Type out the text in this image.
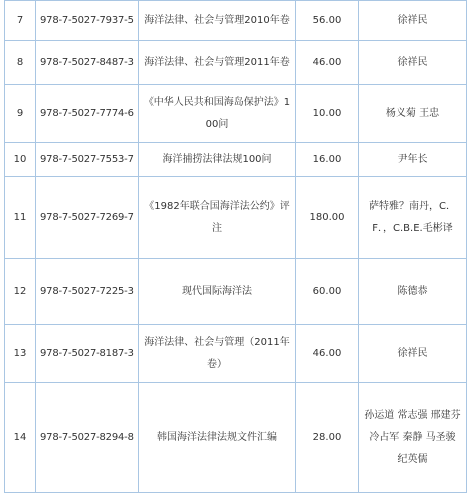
7	978-7-5027-7937-5	海洋法律、社会与管理2010年卷	56.00	徐祥民
8	978-7-5027-8487-3	海洋法律、社会与管理2011年卷	46.00	徐祥民
9	978-7-5027-7774-6	《中华人民共和国海岛保护法》100问	10.00	杨义菊 王忠
10	978-7-5027-7553-7	海洋捕捞法律法规100问	16.00	尹年长
11	978-7-5027-7269-7	《1982年联合国海洋法公约》评注	180.00	萨特雅？南丹，C．F．，C.B.E.毛彬译
12	978-7-5027-7225-3	现代国际海洋法	60.00	陈德恭
13	978-7-5027-8187-3	海洋法律、社会与管理（2011年卷）	46.00	徐祥民
14	978-7-5027-8294-8	韩国海洋法律法规文件汇编	28.00	孙运道 常志强 邢建芬 冷占军 秦静 马圣骏 纪英儒
